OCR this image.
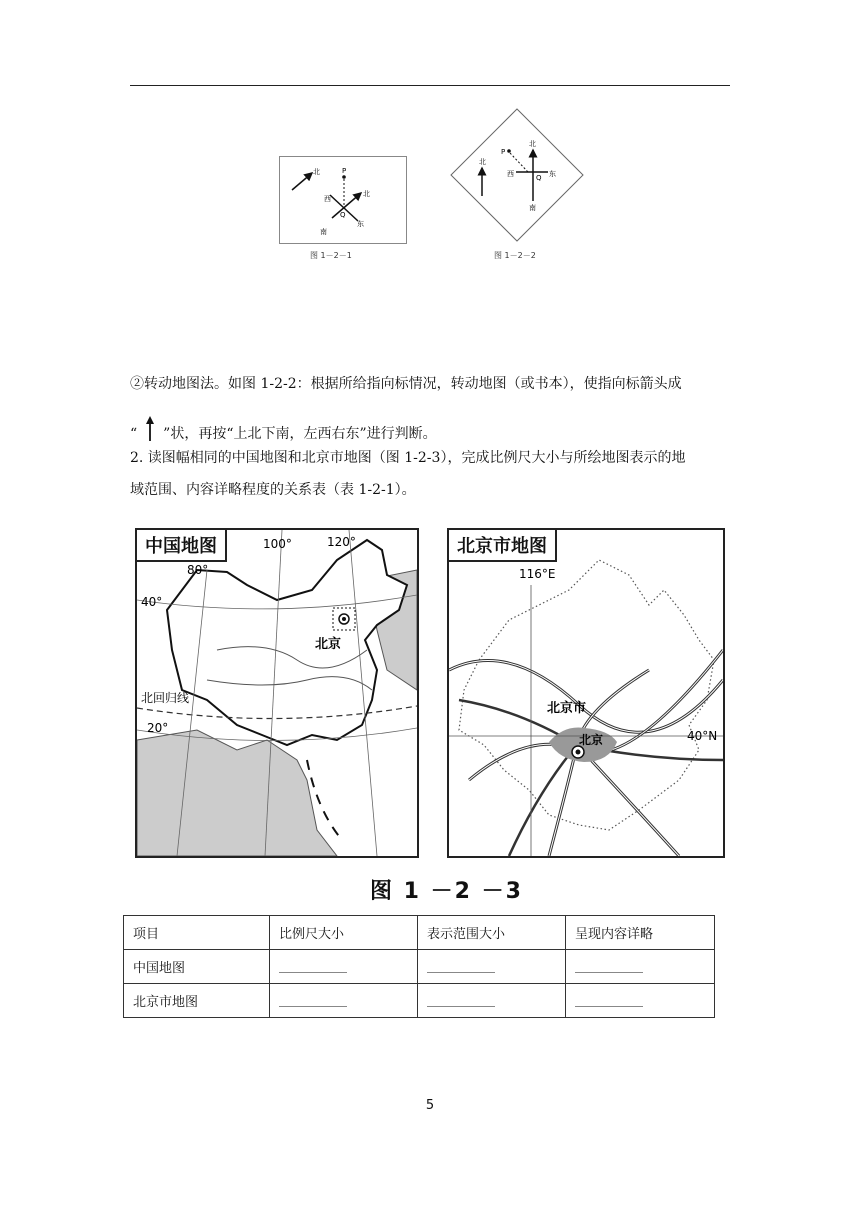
北	P
北
西
Q
东
南
图 1－2－1
北
P
北
西	Q 东
南
图 1－2－2
②转动地图法。如图 1-2-2：根据所给指向标情况，转动地图（或书本），使指向标箭头成
“ ”状，再按“上北下南，左西右东”进行判断。
2. 读图幅相同的中国地图和北京市地图（图 1-2-3），完成比例尺大小与所绘地图表示的地
域范围、内容详略程度的关系表（表 1-2-1）。
北京
100°	120°
80°
40°
北回归线
20°
中国地图
116°E
北京市
北京	40°N
北京市地图
图 1 －2 －3
项目	比例尺大小	表示范围大小	呈现内容详略
中国地图			
北京市地图			
5
